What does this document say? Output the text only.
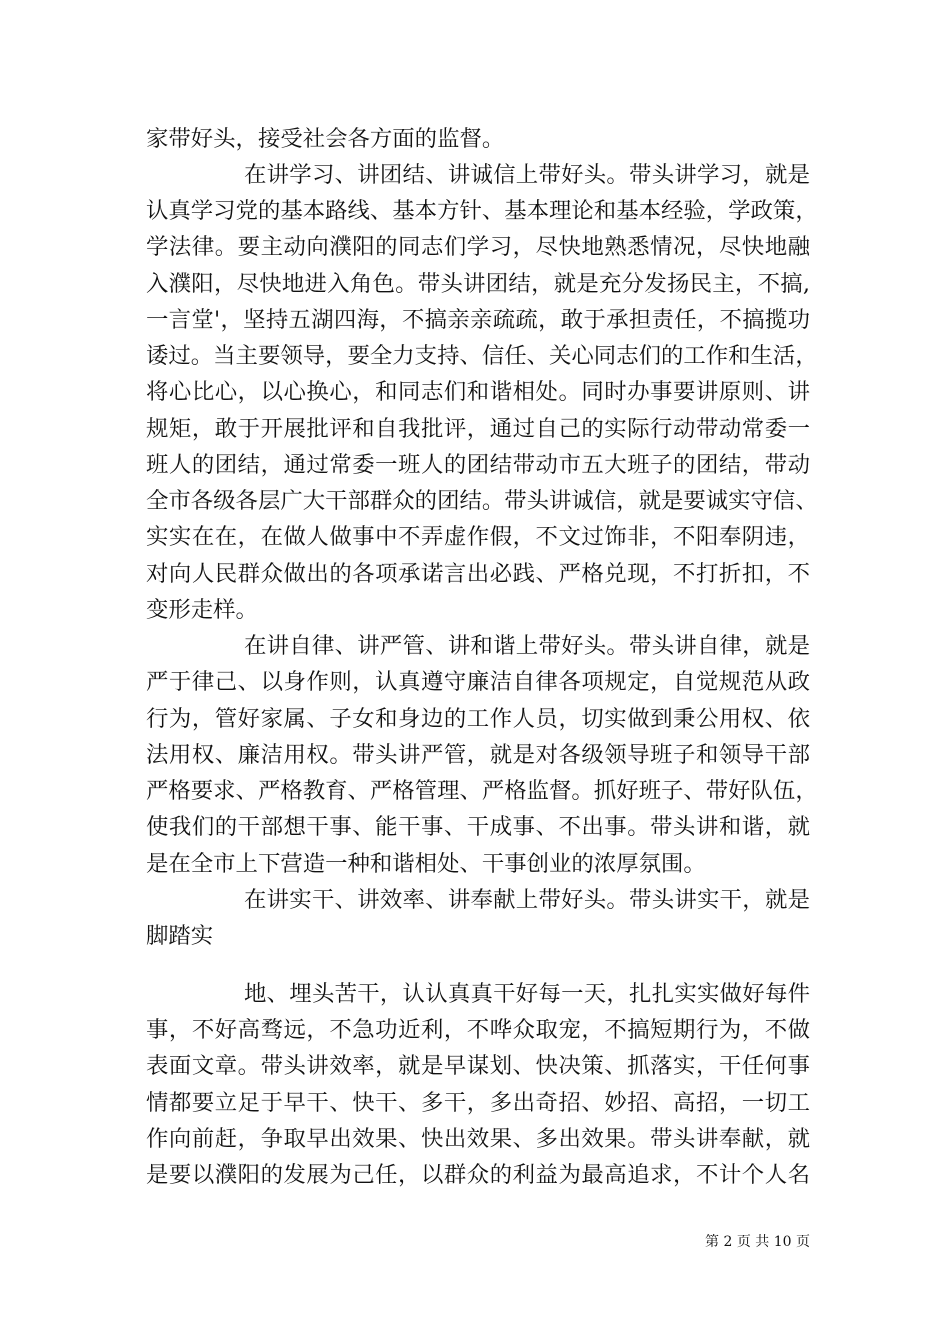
家带好头，接受社会各方面的监督。
在讲学习、讲团结、讲诚信上带好头。带头讲学习，就是
认真学习党的基本路线、基本方针、基本理论和基本经验，学政策，
学法律。要主动向濮阳的同志们学习，尽快地熟悉情况，尽快地融
入濮阳，尽快地进入角色。带头讲团结，就是充分发扬民主，不搞,
一言堂'，坚持五湖四海，不搞亲亲疏疏，敢于承担责任，不搞揽功
诿过。当主要领导，要全力支持、信任、关心同志们的工作和生活，
将心比心，以心换心，和同志们和谐相处。同时办事要讲原则、讲
规矩，敢于开展批评和自我批评，通过自己的实际行动带动常委一
班人的团结，通过常委一班人的团结带动市五大班子的团结，带动
全市各级各层广大干部群众的团结。带头讲诚信，就是要诚实守信、
实实在在，在做人做事中不弄虚作假，不文过饰非，不阳奉阴违，
对向人民群众做出的各项承诺言出必践、严格兑现，不打折扣，不
变形走样。
在讲自律、讲严管、讲和谐上带好头。带头讲自律，就是
严于律己、以身作则，认真遵守廉洁自律各项规定，自觉规范从政
行为，管好家属、子女和身边的工作人员，切实做到秉公用权、依
法用权、廉洁用权。带头讲严管，就是对各级领导班子和领导干部
严格要求、严格教育、严格管理、严格监督。抓好班子、带好队伍，
使我们的干部想干事、能干事、干成事、不出事。带头讲和谐，就
是在全市上下营造一种和谐相处、干事创业的浓厚氛围。
在讲实干、讲效率、讲奉献上带好头。带头讲实干，就是
脚踏实
地、埋头苦干，认认真真干好每一天，扎扎实实做好每件
事，不好高骛远，不急功近利，不哗众取宠，不搞短期行为，不做
表面文章。带头讲效率，就是早谋划、快决策、抓落实，干任何事
情都要立足于早干、快干、多干，多出奇招、妙招、高招，一切工
作向前赶，争取早出效果、快出效果、多出效果。带头讲奉献，就
是要以濮阳的发展为己任，以群众的利益为最高追求，不计个人名
第 2 页 共 10 页
